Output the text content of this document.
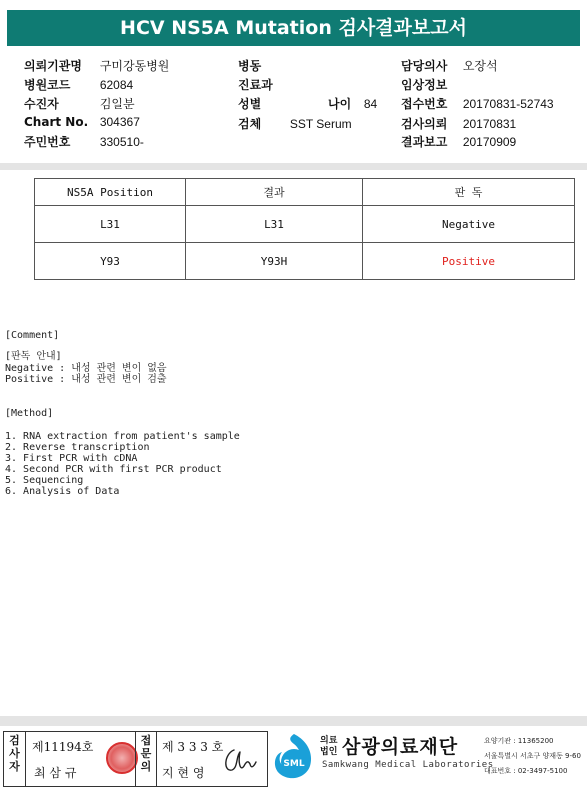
HCV NS5A Mutation 검사결과보고서
의뢰기관명 구미강동병원
병원코드 62084
수진자	김일분
Chart No. 304367
주민번호 330510-
병동
진료과
성별	나이 84
검체 SST Serum
담당의사 오장석
임상정보
접수번호 20170831-52743
검사의뢰 20170831
결과보고 20170909
NS5A Position	결과	판 독
L31	L31	Negative
Y93	Y93H	Positive
[Comment]
[판독 안내]
Negative : 내성 관련 변이 없음
Positive : 내성 관련 변이 검출
[Method]
1. RNA extraction from patient's sample
2. Reverse transcription
3. First PCR with cDNA
4. Second PCR with first PCR product
5. Sequencing
6. Analysis of Data
검사자
제11194호
최 삼 규
접문의
제 3 3 3 호
지 현 영
SML
의료
법인 삼광의료재단
Samkwang Medical Laboratories
요양기관 : 11365200
서울특별시 서초구 양재동 9-60
대표번호 : 02-3497-5100
